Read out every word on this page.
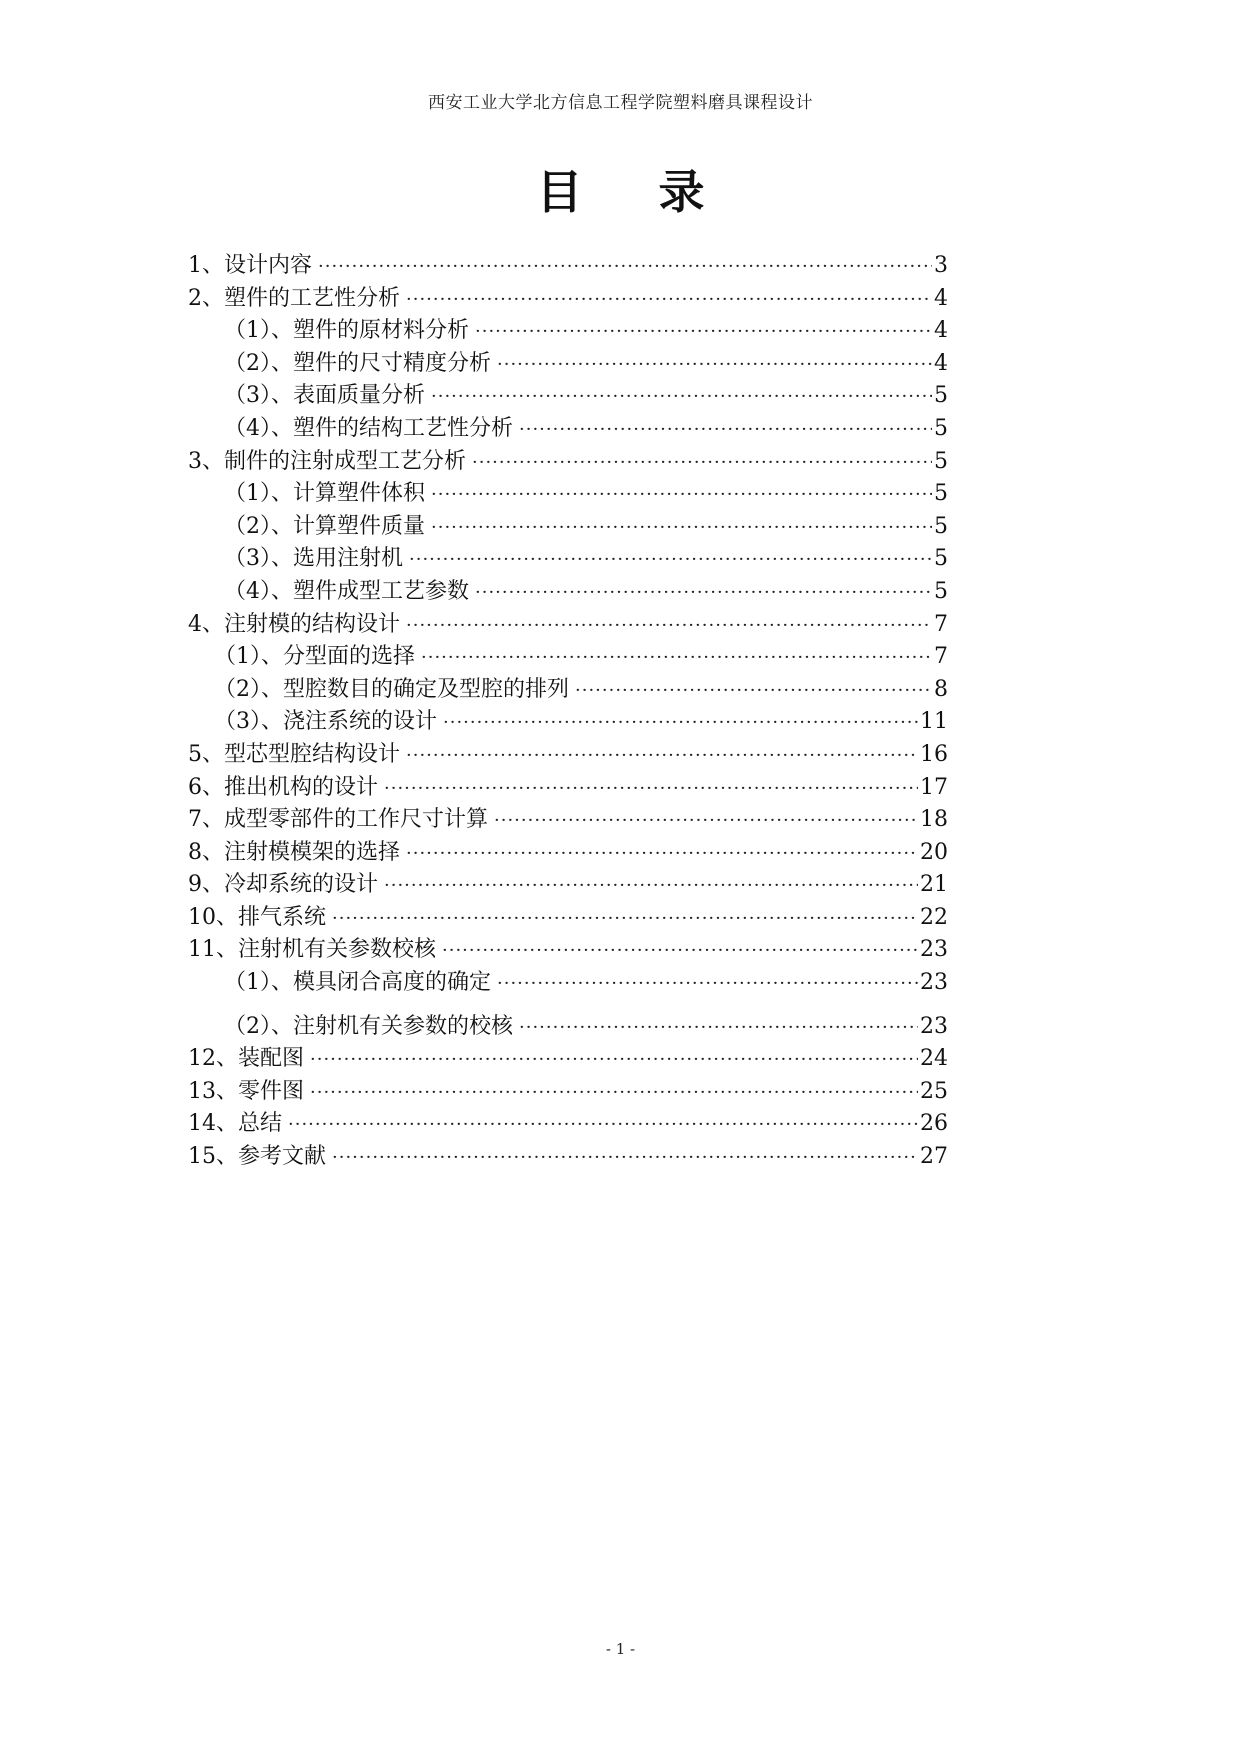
西安工业大学北方信息工程学院塑料磨具课程设计
目 录
1、设计内容 ·····	3
2、塑件的工艺性分析 ·····	4
（1）、塑件的原材料分析 ·····	4
（2）、塑件的尺寸精度分析 ·····	4
（3）、表面质量分析 ·····	5
（4）、塑件的结构工艺性分析 ·····	5
3、制件的注射成型工艺分析 ·····	5
（1）、计算塑件体积 ·····	5
（2）、计算塑件质量 ·····	5
（3）、选用注射机 ·····	5
（4）、塑件成型工艺参数 ·····	5
4、注射模的结构设计 ·····	7
（1）、分型面的选择 ·····	7
（2）、型腔数目的确定及型腔的排列 ·····	8
（3）、浇注系统的设计 ·····	11
5、型芯型腔结构设计 ·····	16
6、推出机构的设计 ·····	17
7、成型零部件的工作尺寸计算 ·····	18
8、注射模模架的选择 ·····	20
9、冷却系统的设计 ·····	21
10、排气系统 ·····	22
11、注射机有关参数校核 ·····	23
（1）、模具闭合高度的确定 ·····	23
（2）、注射机有关参数的校核 ·····	23
12、装配图 ·····	24
13、零件图 ·····	25
14、总结 ·····	26
15、参考文献 ·····	27
- 1 -
